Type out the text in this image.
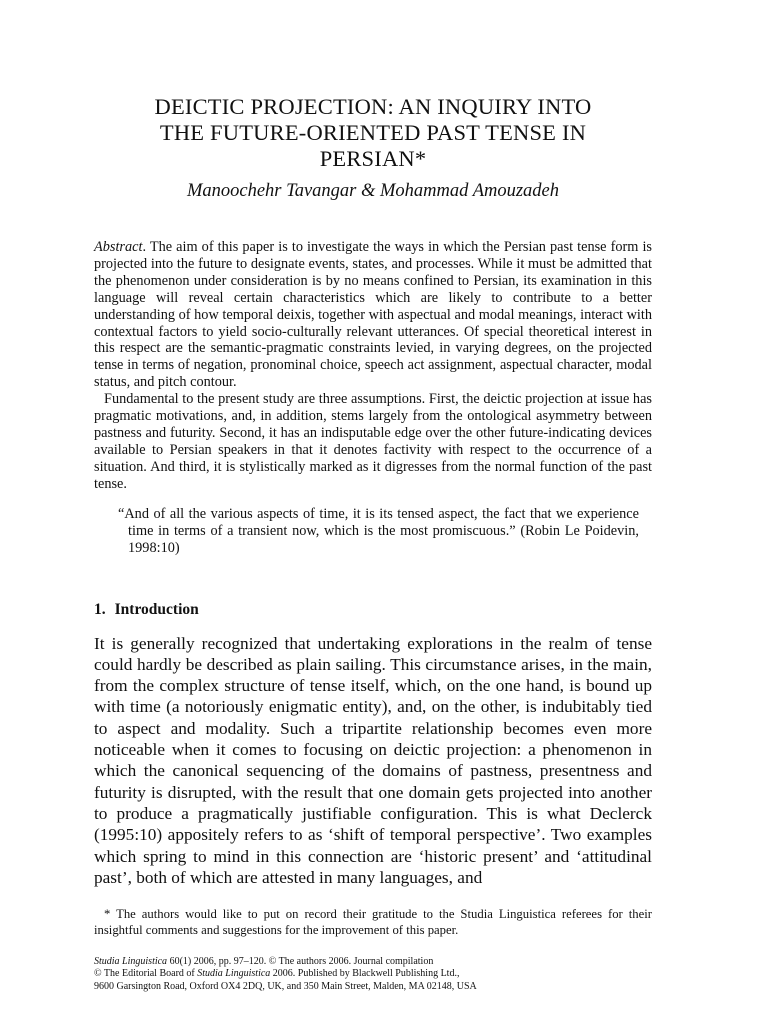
DEICTIC PROJECTION: AN INQUIRY INTO
THE FUTURE-ORIENTED PAST TENSE IN
PERSIAN*
Manoochehr Tavangar & Mohammad Amouzadeh

Abstract. The aim of this paper is to investigate the ways in which the Persian past tense form is projected into the future to designate events, states, and processes. While it must be admitted that the phenomenon under consideration is by no means confined to Persian, its examination in this language will reveal certain characteristics which are likely to contribute to a better understanding of how temporal deixis, together with aspectual and modal meanings, interact with contextual factors to yield socio-culturally relevant utterances. Of special theoretical interest in this respect are the semantic-pragmatic constraints levied, in varying degrees, on the projected tense in terms of negation, pronominal choice, speech act assignment, aspectual character, modal status, and pitch contour.

Fundamental to the present study are three assumptions. First, the deictic projection at issue has pragmatic motivations, and, in addition, stems largely from the ontological asymmetry between pastness and futurity. Second, it has an indisputable edge over the other future-indicating devices available to Persian speakers in that it denotes factivity with respect to the occurrence of a situation. And third, it is stylistically marked as it digresses from the normal function of the past tense.

“And of all the various aspects of time, it is its tensed aspect, the fact that we experience time in terms of a transient now, which is the most promiscuous.” (Robin Le Poidevin, 1998:10)
1. Introduction

It is generally recognized that undertaking explorations in the realm of tense could hardly be described as plain sailing. This circumstance arises, in the main, from the complex structure of tense itself, which, on the one hand, is bound up with time (a notoriously enigmatic entity), and, on the other, is indubitably tied to aspect and modality. Such a tripartite relationship becomes even more noticeable when it comes to focusing on deictic projection: a phenomenon in which the canonical sequencing of the domains of pastness, presentness and futurity is disrupted, with the result that one domain gets projected into another to produce a pragmatically justifiable configuration. This is what Declerck (1995:10) appositely refers to as ‘shift of temporal perspective’. Two examples which spring to mind in this connection are ‘historic present’ and ‘attitudinal past’, both of which are attested in many languages, and

* The authors would like to put on record their gratitude to the Studia Linguistica referees for their insightful comments and suggestions for the improvement of this paper.

Studia Linguistica 60(1) 2006, pp. 97–120. © The authors 2006. Journal compilation
© The Editorial Board of Studia Linguistica 2006. Published by Blackwell Publishing Ltd.,
9600 Garsington Road, Oxford OX4 2DQ, UK, and 350 Main Street, Malden, MA 02148, USA
